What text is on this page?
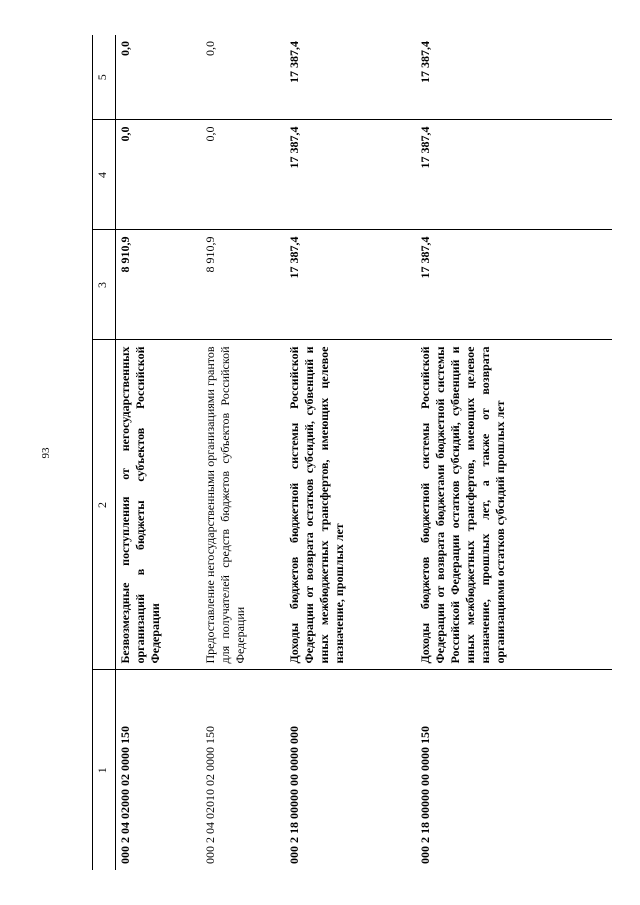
93
1	2	3	4	5
000 2 04 02000 02 0000 150	Безвозмездные поступления от негосударственных организаций в бюджеты субъектов Российской Федерации	8 910,9	0,0	0,0
000 2 04 02010 02 0000 150	Предоставление негосударственными организациями грантов для получателей средств бюджетов субъектов Российской Федерации	8 910,9	0,0	0,0
000 2 18 00000 00 0000 000	Доходы бюджетов бюджетной системы Российской Федерации от возврата остатков субсидий, субвенций и иных межбюджетных трансфертов, имеющих целевое назначение, прошлых лет	17 387,4	17 387,4	17 387,4
000 2 18 00000 00 0000 150	Доходы бюджетов бюджетной системы Российской Федерации от возврата бюджетами бюджетной системы Российской Федерации остатков субсидий, субвенций и иных межбюджетных трансфертов, имеющих целевое назначение, прошлых лет, а также от возврата организациями остатков субсидий прошлых лет	17 387,4	17 387,4	17 387,4
